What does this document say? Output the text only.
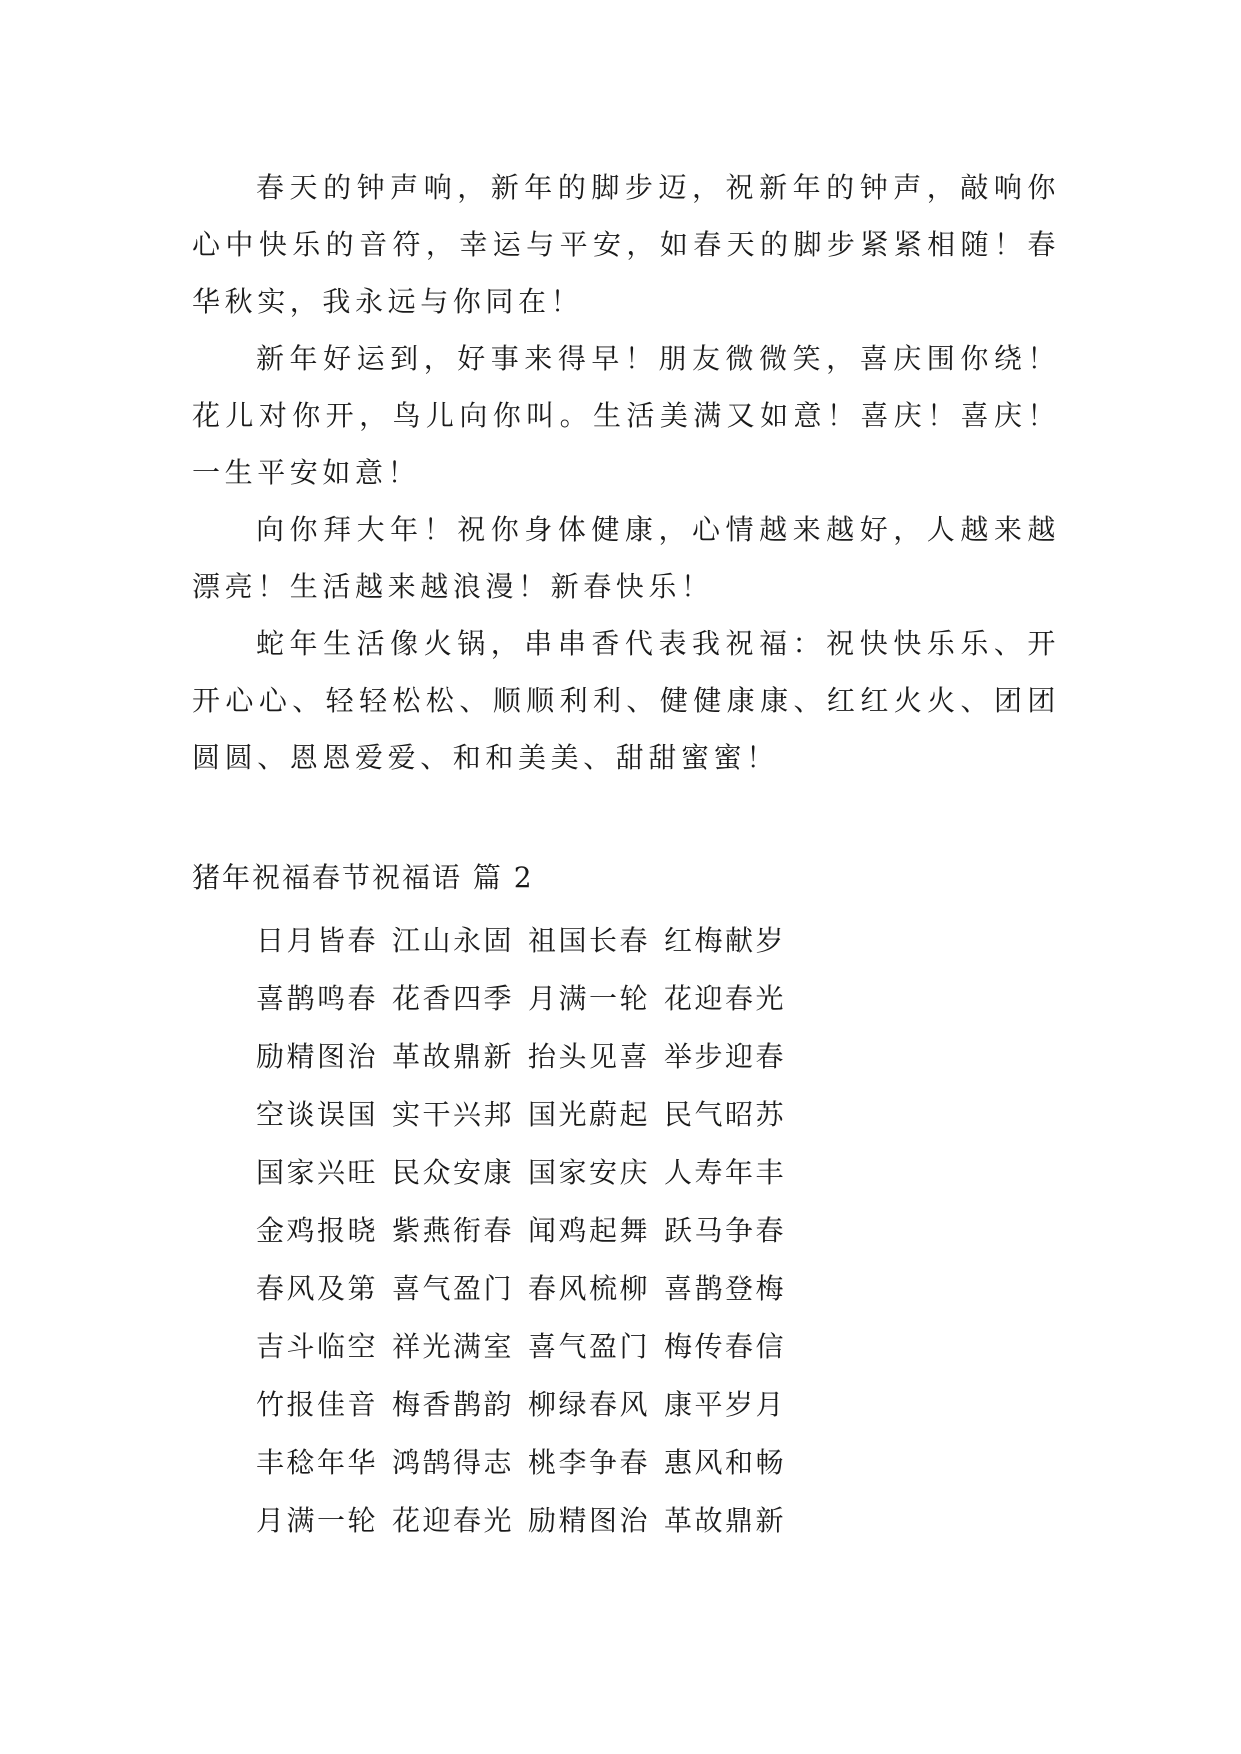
春天的钟声响，新年的脚步迈，祝新年的钟声，敲响你心中快乐的音符，幸运与平安，如春天的脚步紧紧相随！春华秋实，我永远与你同在！

新年好运到，好事来得早！朋友微微笑，喜庆围你绕！花儿对你开，鸟儿向你叫。生活美满又如意！喜庆！喜庆！一生平安如意！

向你拜大年！祝你身体健康，心情越来越好，人越来越漂亮！生活越来越浪漫！新春快乐！

蛇年生活像火锅，串串香代表我祝福：祝快快乐乐、开开心心、轻轻松松、顺顺利利、健健康康、红红火火、团团圆圆、恩恩爱爱、和和美美、甜甜蜜蜜！

猪年祝福春节祝福语 篇 2
日月皆春 江山永固 祖国长春 红梅献岁
喜鹊鸣春 花香四季 月满一轮 花迎春光
励精图治 革故鼎新 抬头见喜 举步迎春
空谈误国 实干兴邦 国光蔚起 民气昭苏
国家兴旺 民众安康 国家安庆 人寿年丰
金鸡报晓 紫燕衔春 闻鸡起舞 跃马争春
春风及第 喜气盈门 春风梳柳 喜鹊登梅
吉斗临空 祥光满室 喜气盈门 梅传春信
竹报佳音 梅香鹊韵 柳绿春风 康平岁月
丰稔年华 鸿鹄得志 桃李争春 惠风和畅
月满一轮 花迎春光 励精图治 革故鼎新
